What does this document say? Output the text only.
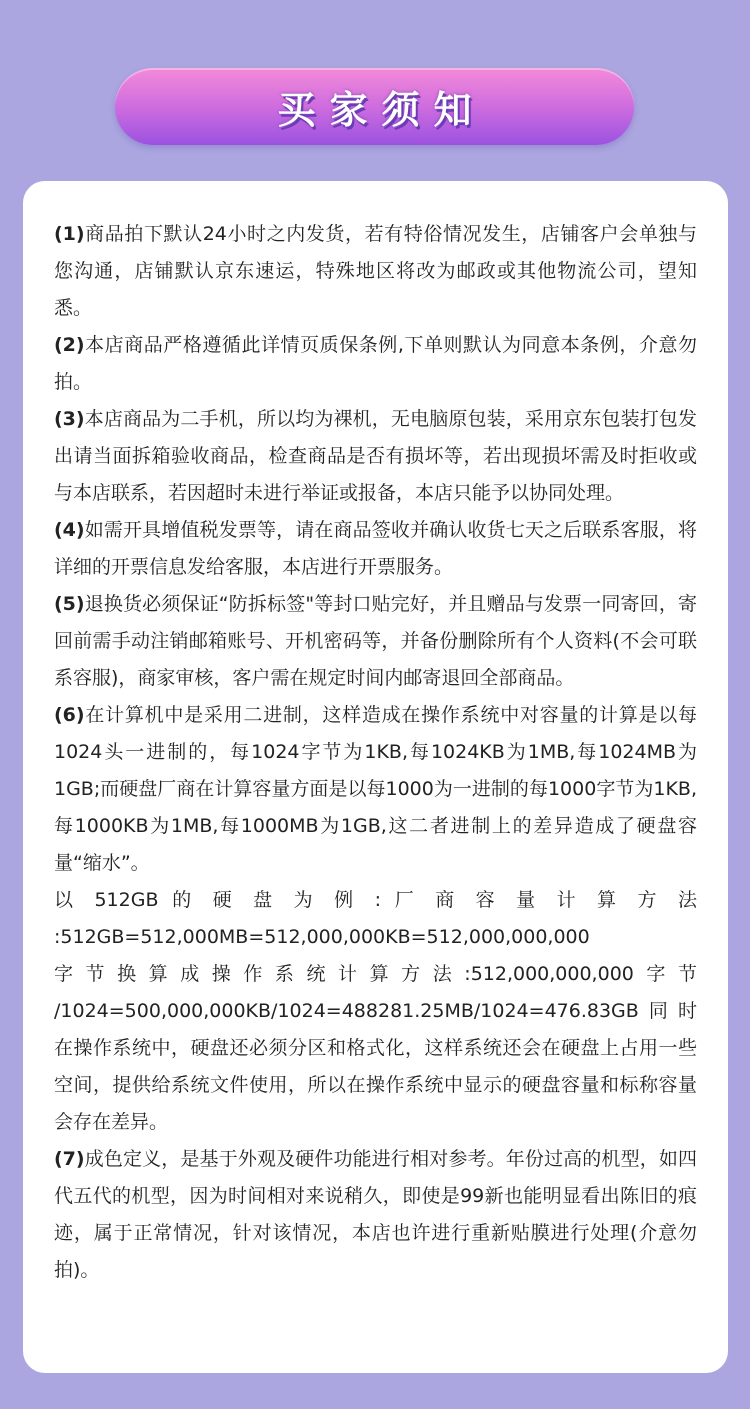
买家须知

(1)商品拍下默认24小时之内发货，若有特俗情况发生，店铺客户会单独与您沟通，店铺默认京东速运，特殊地区将改为邮政或其他物流公司，望知悉。

(2)本店商品严格遵循此详情页质保条例,下单则默认为同意本条例，介意勿拍。

(3)本店商品为二手机，所以均为裸机，无电脑原包装，采用京东包装打包发出请当面拆箱验收商品，检查商品是否有损坏等，若出现损坏需及时拒收或与本店联系，若因超时未进行举证或报备，本店只能予以协同处理。

(4)如需开具增值税发票等，请在商品签收并确认收货七天之后联系客服，将详细的开票信息发给客服，本店进行开票服务。

(5)退换货必须保证“防拆标签"等封口贴完好，并且赠品与发票一同寄回，寄回前需手动注销邮箱账号、开机密码等，并备份删除所有个人资料(不会可联系容服)，商家审核，客户需在规定时间内邮寄退回全部商品。

(6)在计算机中是采用二进制，这样造成在操作系统中对容量的计算是以每1024头一进制的，每1024字节为1KB,每1024KB为1MB,每1024MB为1GB;而硬盘厂商在计算容量方面是以每1000为一进制的每1000字节为1KB,每1000KB为1MB,每1000MB为1GB,这二者进制上的差异造成了硬盘容量“缩水”。

以 512GB 的 硬 盘 为 例 : 厂 商 容 量 计 算 方 法

:512GB=512,000MB=512,000,000KB=512,000,000,000

字节换算成操作系统计算方法:512,000,000,000字节

/1024=500,000,000KB/1024=488281.25MB/1024=476.83GB同时

在操作系统中，硬盘还必须分区和格式化，这样系统还会在硬盘上占用一些空间，提供给系统文件使用，所以在操作系统中显示的硬盘容量和标称容量会存在差异。

(7)成色定义，是基于外观及硬件功能进行相对参考。年份过高的机型，如四代五代的机型，因为时间相对来说稍久，即使是99新也能明显看出陈旧的痕迹，属于正常情况，针对该情况，本店也许进行重新贴膜进行处理(介意勿拍)。
